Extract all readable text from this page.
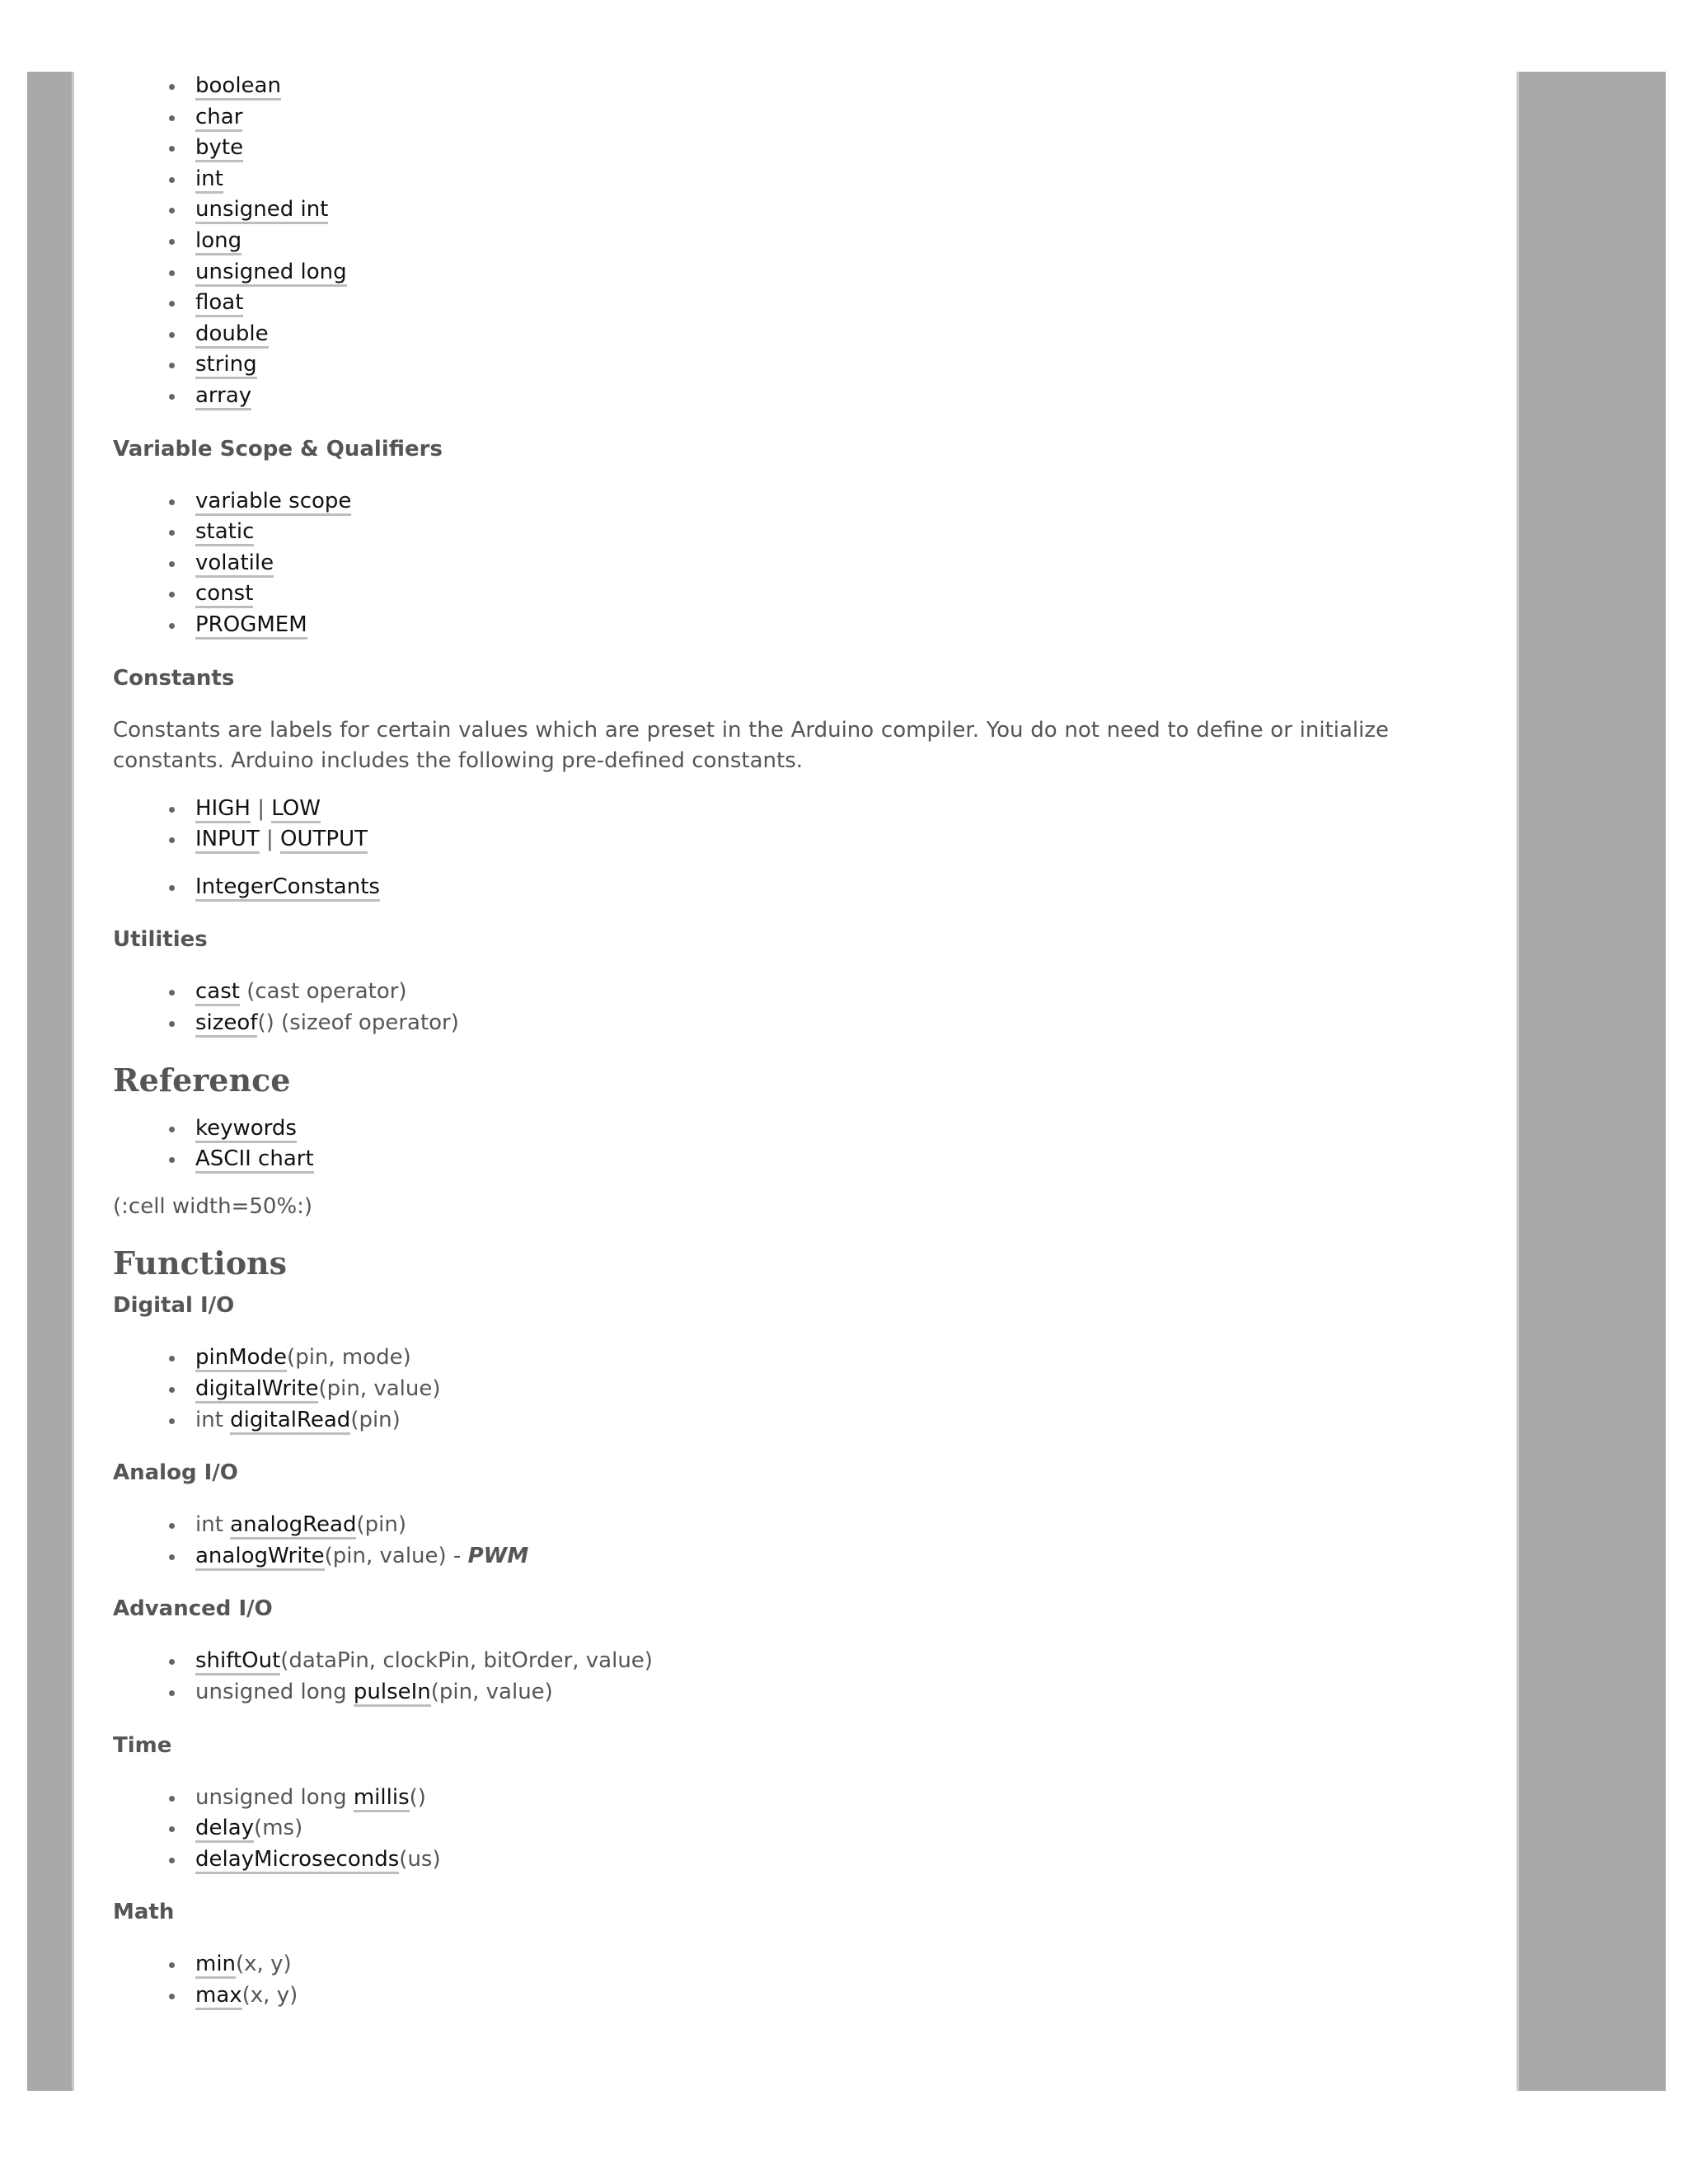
boolean
char
byte
int
unsigned int
long
unsigned long
float
double
string
array

Variable Scope & Qualifiers

variable scope
static
volatile
const
PROGMEM

Constants

Constants are labels for certain values which are preset in the Arduino compiler. You do not need to define or initialize constants. Arduino includes the following pre-defined constants.

HIGH | LOW
INPUT | OUTPUT
IntegerConstants

Utilities

cast (cast operator)
sizeof() (sizeof operator)

Reference

keywords
ASCII chart

(:cell width=50%:)

Functions

Digital I/O

pinMode(pin, mode)
digitalWrite(pin, value)
int digitalRead(pin)

Analog I/O

int analogRead(pin)
analogWrite(pin, value) - PWM

Advanced I/O

shiftOut(dataPin, clockPin, bitOrder, value)
unsigned long pulseIn(pin, value)

Time

unsigned long millis()
delay(ms)
delayMicroseconds(us)

Math

min(x, y)
max(x, y)
